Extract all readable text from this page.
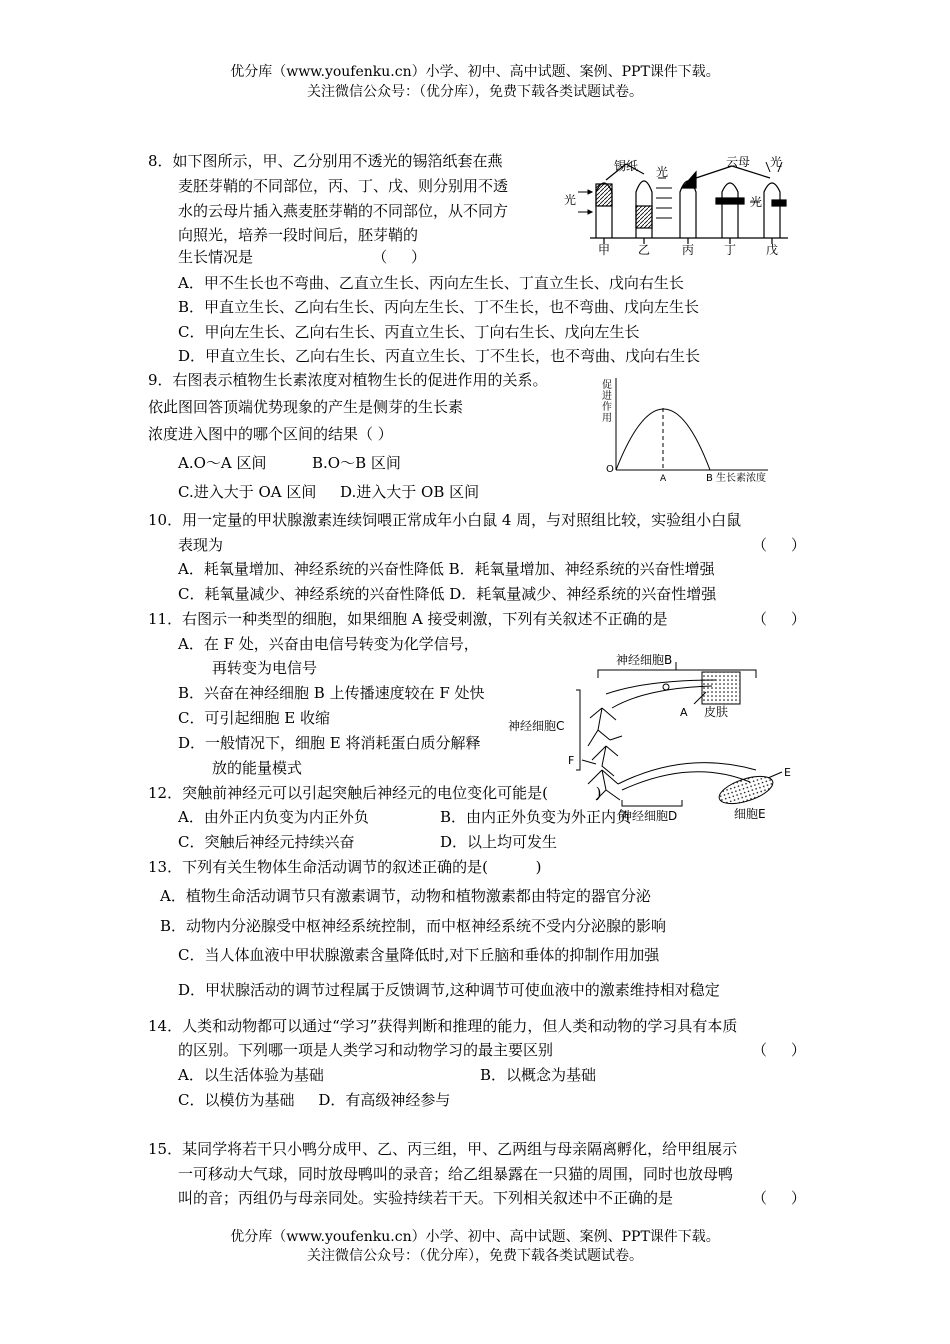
优分库（www.youfenku.cn）小学、初中、高中试题、案例、PPT课件下载。
关注微信公众号：（优分库），免费下载各类试题试卷。
8．如下图所示，甲、乙分别用不透光的锡箔纸套在燕
麦胚芽鞘的不同部位，丙、丁、戊、则分别用不透
水的云母片插入燕麦胚芽鞘的不同部位，从不同方
向照光，培养一段时间后，胚芽鞘的
生长情况是                         （     ）
A．甲不生长也不弯曲、乙直立生长、丙向左生长、丁直立生长、戊向右生长
B．甲直立生长、乙向右生长、丙向左生长、丁不生长，也不弯曲、戊向左生长
C．甲向左生长、乙向右生长、丙直立生长、丁向右生长、戊向左生长
D．甲直立生长、乙向右生长、丙直立生长、丁不生长，也不弯曲、戊向右生长
锡纸	云母
光
光
光
光
甲 乙	丙 丁 戊
9．右图表示植物生长素浓度对植物生长的促进作用的关系。
依此图回答顶端优势现象的产生是侧芽的生长素
浓度进入图中的哪个区间的结果（ ）
A.O～A 区间	B.O～B 区间
C.进入大于 OA 区间 D.进入大于 OB 区间
促
进
作
用
O
A	B 生长素浓度
10．用一定量的甲状腺激素连续饲喂正常成年小白鼠 4 周，与对照组比较，实验组小白鼠
表现为	（     ）
A．耗氧量增加、神经系统的兴奋性降低 B．耗氧量增加、神经系统的兴奋性增强
C．耗氧量减少、神经系统的兴奋性降低 D．耗氧量减少、神经系统的兴奋性增强
11．右图示一种类型的细胞，如果细胞 A 接受刺激，下列有关叙述不正确的是	（     ）
A．在 F 处，兴奋由电信号转变为化学信号，
再转变为电信号
B．兴奋在神经细胞 B 上传播速度较在 F 处快
C．可引起细胞 E 收缩
D．一般情况下，细胞 E 将消耗蛋白质分解释
放的能量模式
神经细胞B
神经细胞C
神经细胞D
皮肤
A
细胞E
E
F
12．突触前神经元可以引起突触后神经元的电位变化可能是(          )
A．由外正内负变为内正外负	B．由内正外负变为外正内负
C．突触后神经元持续兴奋	D．以上均可发生
13．下列有关生物体生命活动调节的叙述正确的是(          )
A．植物生命活动调节只有激素调节，动物和植物激素都由特定的器官分泌
B．动物内分泌腺受中枢神经系统控制，而中枢神经系统不受内分泌腺的影响
C．当人体血液中甲状腺激素含量降低时,对下丘脑和垂体的抑制作用加强
D．甲状腺活动的调节过程属于反馈调节,这种调节可使血液中的激素维持相对稳定
14．人类和动物都可以通过“学习”获得判断和推理的能力，但人类和动物的学习具有本质
的区别。下列哪一项是人类学习和动物学习的最主要区别	（     ）
A．以生活体验为基础	B．以概念为基础
C．以模仿为基础     D．有高级神经参与
15．某同学将若干只小鸭分成甲、乙、丙三组，甲、乙两组与母亲隔离孵化，给甲组展示
一可移动大气球，同时放母鸭叫的录音；给乙组暴露在一只猫的周围，同时也放母鸭
叫的音；丙组仍与母亲同处。实验持续若干天。下列相关叙述中不正确的是	（     ）
优分库（www.youfenku.cn）小学、初中、高中试题、案例、PPT课件下载。
关注微信公众号：（优分库），免费下载各类试题试卷。
